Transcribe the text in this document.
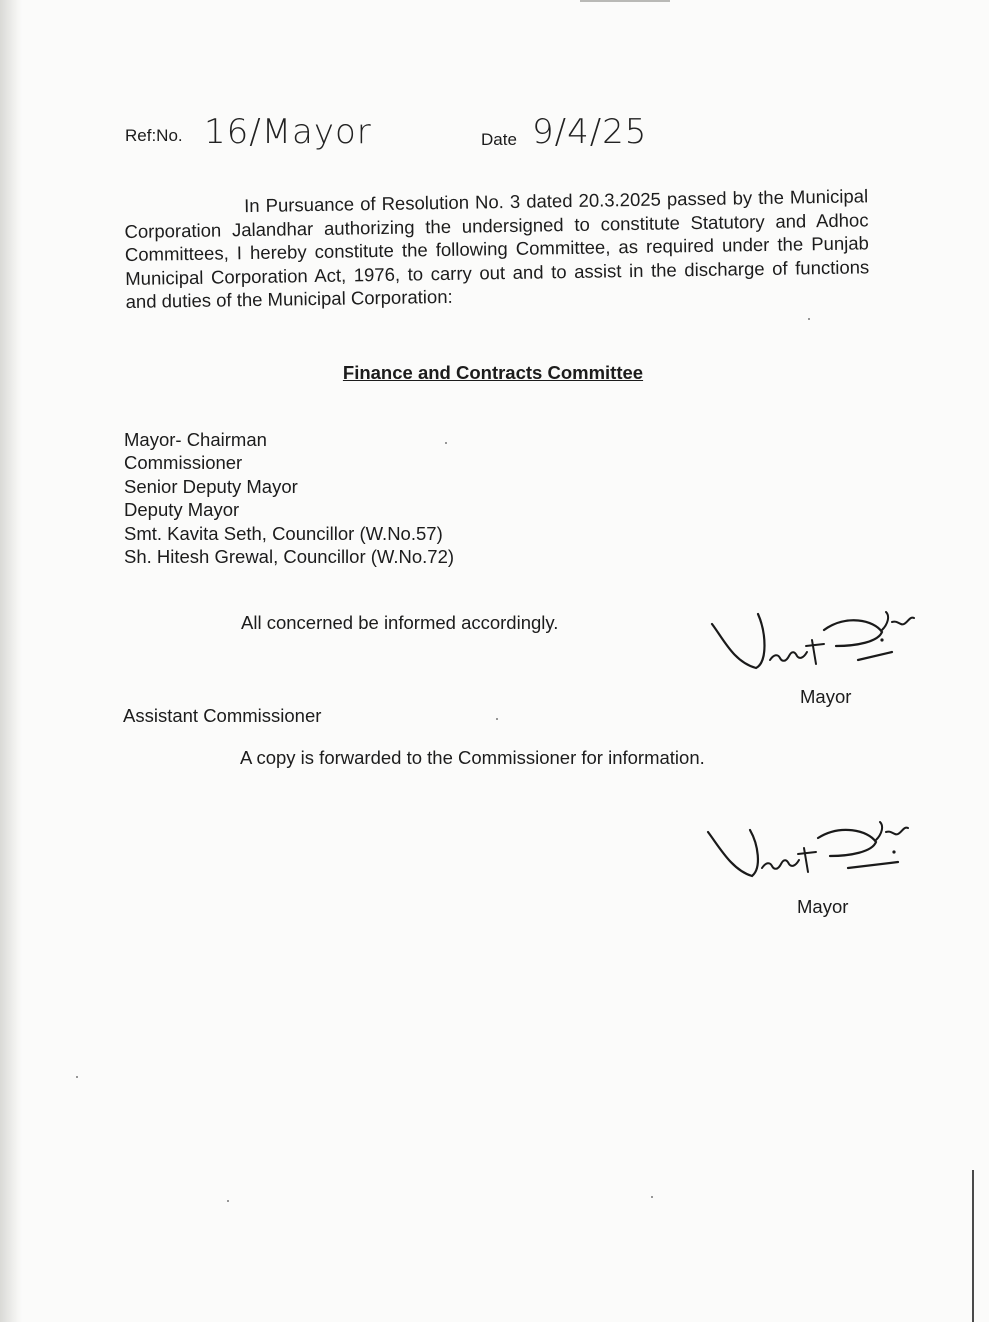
Ref:No. 16/Mayor	Date 9/4/25
In Pursuance of Resolution No. 3 dated 20.3.2025 passed by the Municipal Corporation Jalandhar authorizing the undersigned to constitute Statutory and Adhoc Committees, I hereby constitute the following Committee, as required under the Punjab Municipal Corporation Act, 1976, to carry out and to assist in the discharge of functions and duties of the Municipal Corporation:
Finance and Contracts Committee
Mayor- Chairman
Commissioner
Senior Deputy Mayor
Deputy Mayor
Smt. Kavita Seth, Councillor (W.No.57)
Sh. Hitesh Grewal, Councillor (W.No.72)
All concerned be informed accordingly.
Mayor
Assistant Commissioner
A copy is forwarded to the Commissioner for information.
Mayor
